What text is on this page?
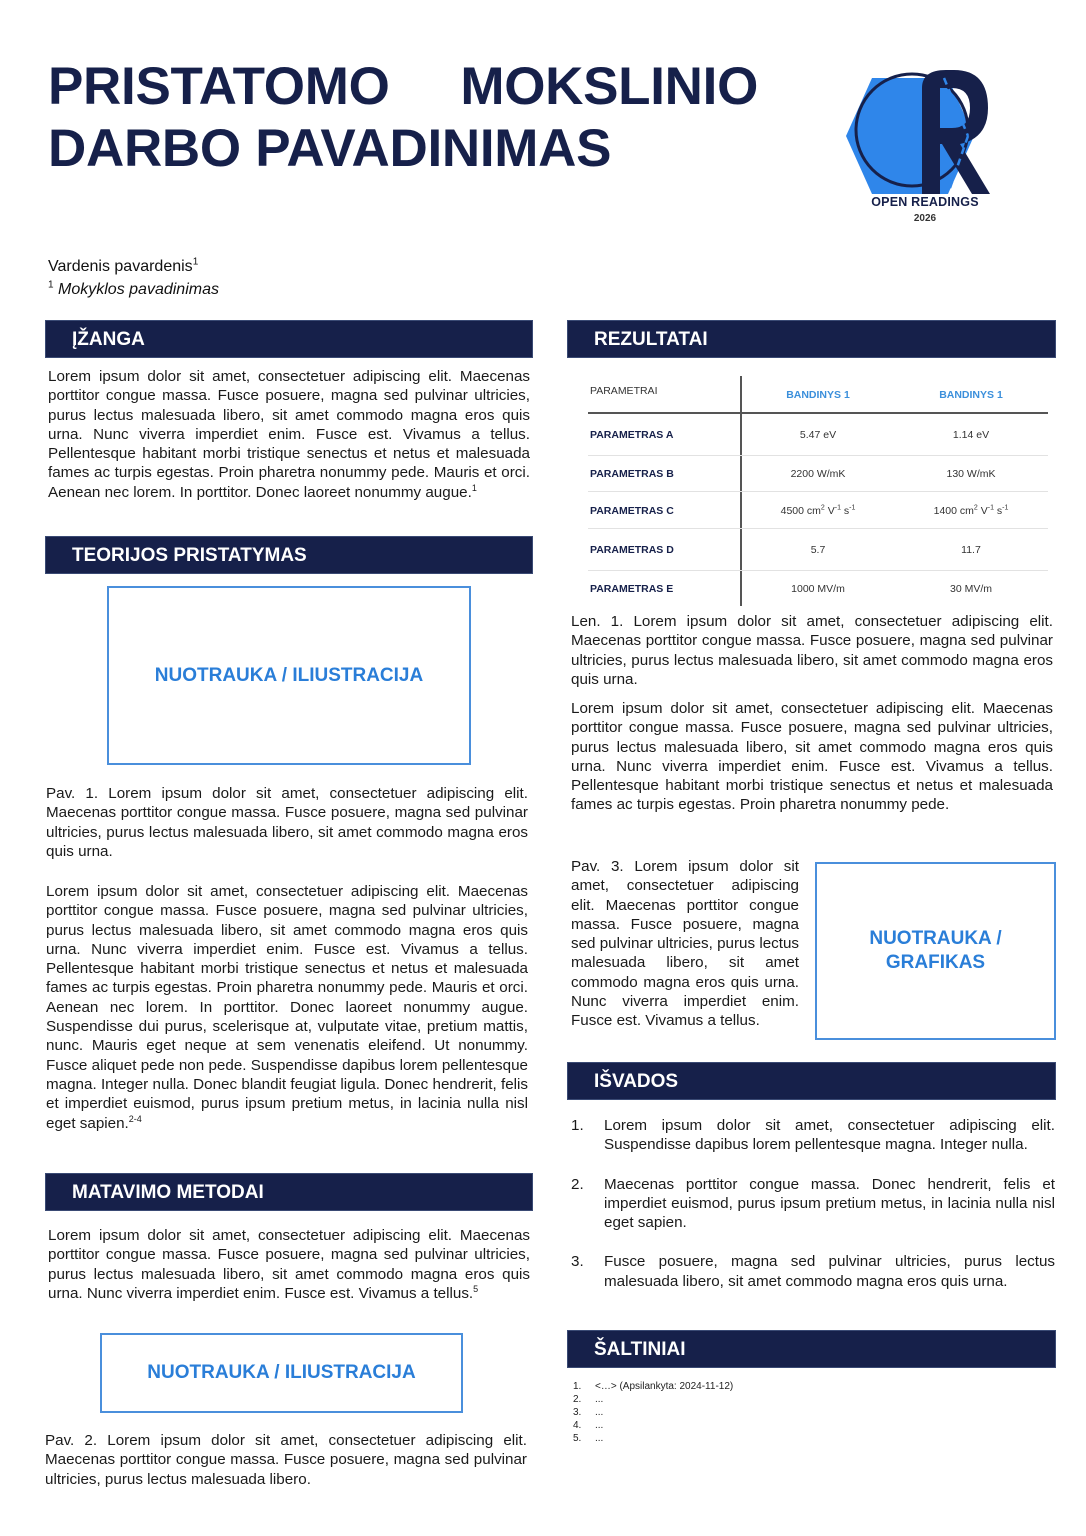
PRISTATOMO MOKSLINIO
DARBO PAVADINIMAS
OPEN READINGS
2026
Vardenis pavardenis$^1$
$^1$ Mokyklos pavadinimas
ĮŽANGA
Lorem ipsum dolor sit amet, consectetuer adipiscing elit. Maecenas porttitor congue massa. Fusce posuere, magna sed pulvinar ultricies, purus lectus malesuada libero, sit amet commodo magna eros quis urna. Nunc viverra imperdiet enim. Fusce est. Vivamus a tellus. Pellentesque habitant morbi tristique senectus et netus et malesuada fames ac turpis egestas. Proin pharetra nonummy pede. Mauris et orci. Aenean nec lorem. In porttitor. Donec laoreet nonummy augue.$^1$
TEORIJOS PRISTATYMAS
NUOTRAUKA / ILIUSTRACIJA
Pav. 1. Lorem ipsum dolor sit amet, consectetuer adipiscing elit. Maecenas porttitor congue massa. Fusce posuere, magna sed pulvinar ultricies, purus lectus malesuada libero, sit amet commodo magna eros quis urna.
Lorem ipsum dolor sit amet, consectetuer adipiscing elit. Maecenas porttitor congue massa. Fusce posuere, magna sed pulvinar ultricies, purus lectus malesuada libero, sit amet commodo magna eros quis urna. Nunc viverra imperdiet enim. Fusce est. Vivamus a tellus. Pellentesque habitant morbi tristique senectus et netus et malesuada fames ac turpis egestas. Proin pharetra nonummy pede. Mauris et orci. Aenean nec lorem. In porttitor. Donec laoreet nonummy augue. Suspendisse dui purus, scelerisque at, vulputate vitae, pretium mattis, nunc. Mauris eget neque at sem venenatis eleifend. Ut nonummy. Fusce aliquet pede non pede. Suspendisse dapibus lorem pellentesque magna. Integer nulla. Donec blandit feugiat ligula. Donec hendrerit, felis et imperdiet euismod, purus ipsum pretium metus, in lacinia nulla nisl eget sapien.$^{2-4}$
MATAVIMO METODAI
Lorem ipsum dolor sit amet, consectetuer adipiscing elit. Maecenas porttitor congue massa. Fusce posuere, magna sed pulvinar ultricies, purus lectus malesuada libero, sit amet commodo magna eros quis urna. Nunc viverra imperdiet enim. Fusce est. Vivamus a tellus.$^5$
NUOTRAUKA / ILIUSTRACIJA
Pav. 2. Lorem ipsum dolor sit amet, consectetuer adipiscing elit. Maecenas porttitor congue massa. Fusce posuere, magna sed pulvinar ultricies, purus lectus malesuada libero.
REZULTATAI
PARAMETRAI	BANDINYS 1	BANDINYS 1
PARAMETRAS A	5.47 eV	1.14 eV
PARAMETRAS B	2200 W/mK	130 W/mK
PARAMETRAS C	4500 $cm^2$ $V^{-1}$ $s^{-1}$	1400 $cm^2$ $V^{-1}$ $s^{-1}$
PARAMETRAS D	5.7	11.7
PARAMETRAS E	1000 MV/m	30 MV/m
Len. 1. Lorem ipsum dolor sit amet, consectetuer adipiscing elit. Maecenas porttitor congue massa. Fusce posuere, magna sed pulvinar ultricies, purus lectus malesuada libero, sit amet commodo magna eros quis urna.
Lorem ipsum dolor sit amet, consectetuer adipiscing elit. Maecenas porttitor congue massa. Fusce posuere, magna sed pulvinar ultricies, purus lectus malesuada libero, sit amet commodo magna eros quis urna. Nunc viverra imperdiet enim. Fusce est. Vivamus a tellus. Pellentesque habitant morbi tristique senectus et netus et malesuada fames ac turpis egestas. Proin pharetra nonummy pede.
Pav. 3. Lorem ipsum dolor sit amet, consectetuer adipiscing elit. Maecenas porttitor congue massa. Fusce posuere, magna sed pulvinar ultricies, purus lectus malesuada libero, sit amet commodo magna eros quis urna. Nunc viverra imperdiet enim. Fusce est. Vivamus a tellus.
NUOTRAUKA /
GRAFIKAS
IŠVADOS
1.	Lorem ipsum dolor sit amet, consectetuer adipiscing elit. Suspendisse dapibus lorem pellentesque magna. Integer nulla.
2.	Maecenas porttitor congue massa. Donec hendrerit, felis et imperdiet euismod, purus ipsum pretium metus, in lacinia nulla nisl eget sapien.
3.	Fusce posuere, magna sed pulvinar ultricies, purus lectus malesuada libero, sit amet commodo magna eros quis urna.
ŠALTINIAI
1.	<…> (Apsilankyta: 2024-11-12)
2.	...
3.	...
4.	...
5.	...
